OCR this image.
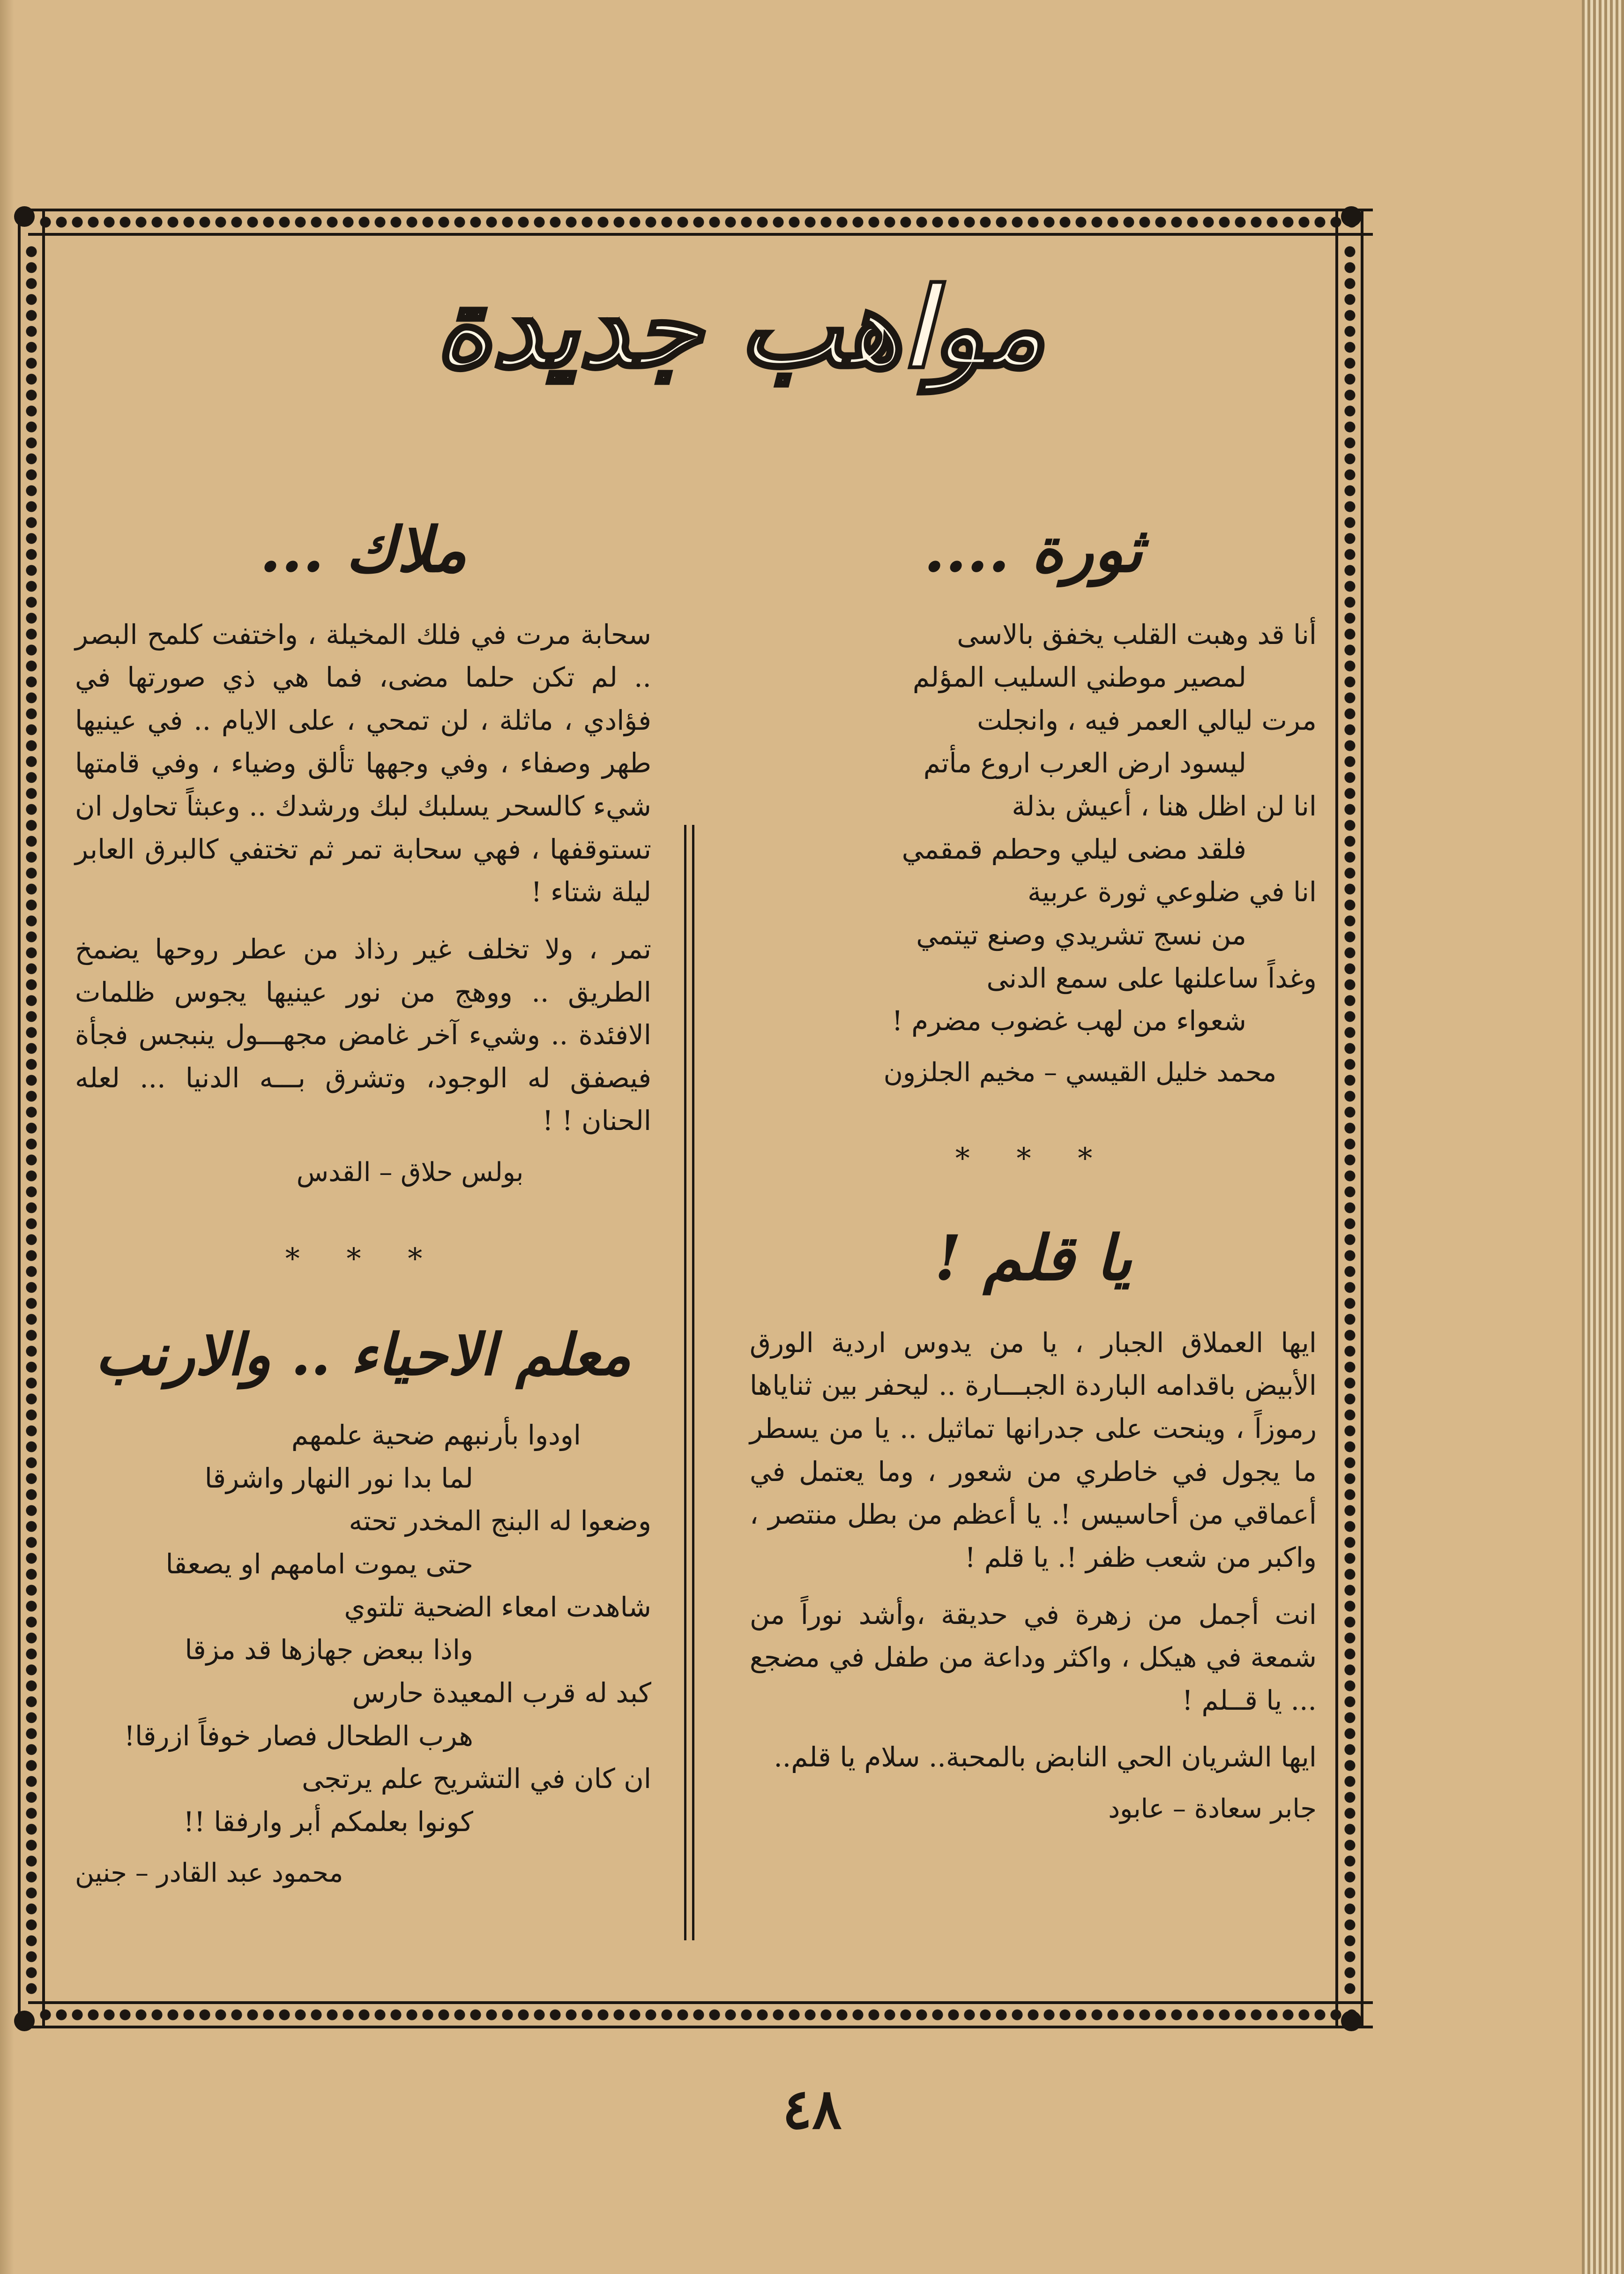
مواهب جديدة
ثورة ....

أنا قد وهبت القلب يخفق بالاسى

لمصير موطني السليب المؤلم

مرت ليالي العمر فيه ، وانجلت

ليسود ارض العرب اروع مأتم

انا لن اظل هنا ، أعيش بذلة

فلقد مضى ليلي وحطم قمقمي

انا في ضلوعي ثورة عربية

من نسج تشريدي وصنع تيتمي

وغداً ساعلنها على سمع الدنى

شعواء من لهب غضوب مضرم !

محمد خليل القيسي – مخيم الجلزون
* * *
يا قلم !

ايها العملاق الجبار ، يا من يدوس اردية الورق الأبيض باقدامه الباردة الجبـــارة .. ليحفر بين ثناياها رموزاً ، وينحت على جدرانها تماثيل .. يا من يسطر ما يجول في خاطري من شعور ، وما يعتمل في أعماقي من أحاسيس !. يا أعظم من بطل منتصر ، واكبر من شعب ظفر !. يا قلم !

انت أجمل من زهرة في حديقة ،وأشد نوراً من شمعة في هيكل ، واكثر وداعة من طفل في مضجع ... يا قــلم !

ايها الشريان الحي النابض بالمحبة.. سلام يا قلم..

جابر سعادة – عابود
ملاك ...

سحابة مرت في فلك المخيلة ، واختفت كلمح البصر .. لم تكن حلما مضى، فما هي ذي صورتها في فؤادي ، ماثلة ، لن تمحي ، على الايام .. في عينيها طهر وصفاء ، وفي وجهها تألق وضياء ، وفي قامتها شيء كالسحر يسلبك لبك ورشدك .. وعبثاً تحاول ان تستوقفها ، فهي سحابة تمر ثم تختفي كالبرق العابر ليلة شتاء !

تمر ، ولا تخلف غير رذاذ من عطر روحها يضمخ الطريق .. ووهج من نور عينيها يجوس ظلمات الافئدة .. وشيء آخر غامض مجهـــول ينبجس فجأة فيصفق له الوجود، وتشرق بـــه الدنيا ... لعله الحنان ! !

بولس حلاق – القدس
* * *
معلم الاحياء .. والارنب

اودوا بأرنبهم ضحية علمهم

لما بدا نور النهار واشرقا

وضعوا له البنج المخدر تحته

حتى يموت امامهم او يصعقا

شاهدت امعاء الضحية تلتوي

واذا ببعض جهازها قد مزقا

كبد له قرب المعيدة حارس

هرب الطحال فصار خوفاً ازرقا!

ان كان في التشريح علم يرتجى

كونوا بعلمكم أبر وارفقا !!

محمود عبد القادر – جنين
٤٨
